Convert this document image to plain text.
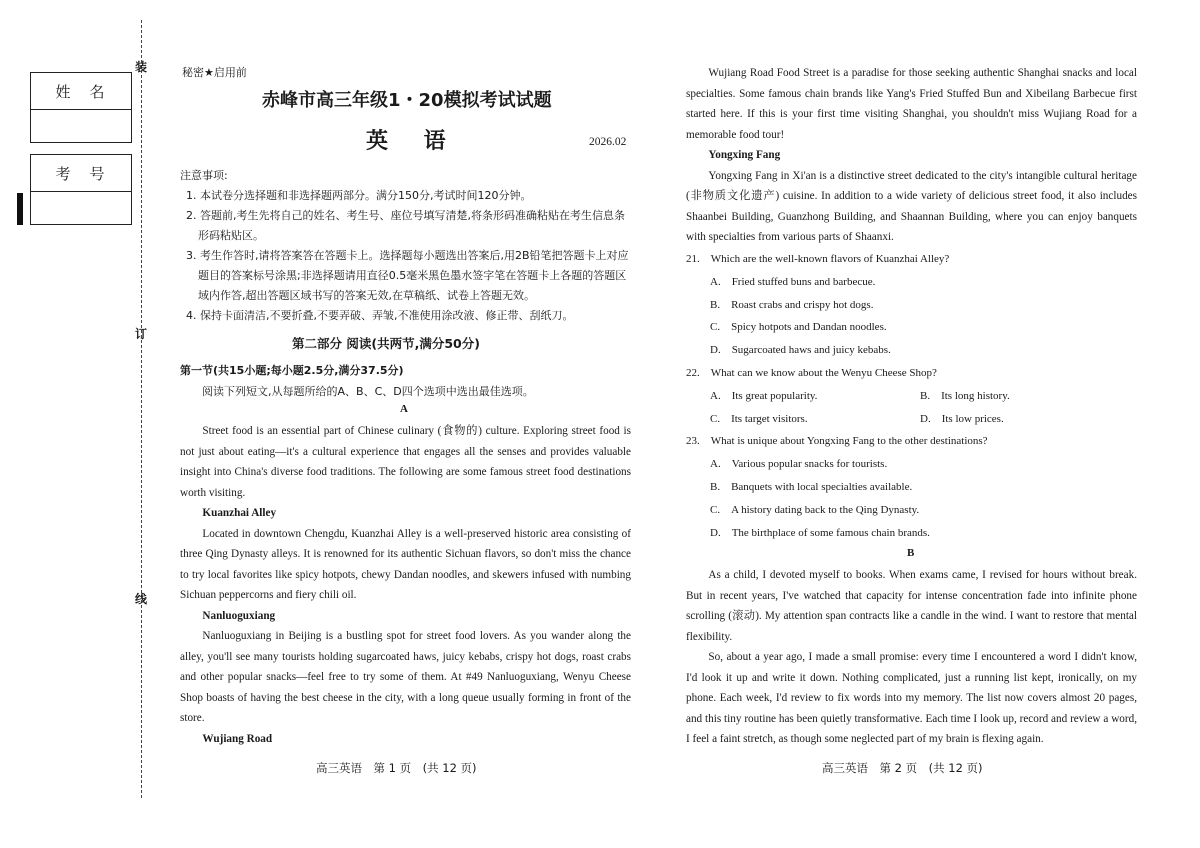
装
订
线
姓　名
考　号
秘密★启用前
赤峰市高三年级1・20模拟考试试题
英 语	2026.02
注意事项:
1. 本试卷分选择题和非选择题两部分。满分150分,考试时间120分钟。
2. 答题前,考生先将自己的姓名、考生号、座位号填写清楚,将条形码准确粘贴在考生信息条形码粘贴区。
3. 考生作答时,请将答案答在答题卡上。选择题每小题选出答案后,用2B铅笔把答题卡上对应题目的答案标号涂黑;非选择题请用直径0.5毫米黑色墨水签字笔在答题卡上各题的答题区域内作答,超出答题区域书写的答案无效,在草稿纸、试卷上答题无效。
4. 保持卡面清洁,不要折叠,不要弄破、弄皱,不准使用涂改液、修正带、刮纸刀。
第二部分 阅读(共两节,满分50分)
第一节(共15小题;每小题2.5分,满分37.5分)
阅读下列短文,从每题所给的A、B、C、D四个选项中选出最佳选项。
A

Street food is an essential part of Chinese culinary (食物的) culture. Exploring street food is not just about eating—it's a cultural experience that engages all the senses and provides valuable insight into China's diverse food traditions. The following are some famous street food destinations worth visiting.

Kuanzhai Alley

Located in downtown Chengdu, Kuanzhai Alley is a well-preserved historic area consisting of three Qing Dynasty alleys. It is renowned for its authentic Sichuan flavors, so don't miss the chance to try local favorites like spicy hotpots, chewy Dandan noodles, and skewers infused with numbing Sichuan peppercorns and fiery chili oil.

Nanluoguxiang

Nanluoguxiang in Beijing is a bustling spot for street food lovers. As you wander along the alley, you'll see many tourists holding sugarcoated haws, juicy kebabs, crispy hot dogs, roast crabs and other popular snacks—feel free to try some of them. At #49 Nanluoguxiang, Wenyu Cheese Shop boasts of having the best cheese in the city, with a long queue usually forming in front of the store.

Wujiang Road

高三英语　第 1 页　(共 12 页)

Wujiang Road Food Street is a paradise for those seeking authentic Shanghai snacks and local specialties. Some famous chain brands like Yang's Fried Stuffed Bun and Xibeilang Barbecue first started here. If this is your first time visiting Shanghai, you shouldn't miss Wujiang Road for a memorable food tour!

Yongxing Fang

Yongxing Fang in Xi'an is a distinctive street dedicated to the city's intangible cultural heritage (非物质文化遗产) cuisine. In addition to a wide variety of delicious street food, it also includes Shaanbei Building, Guanzhong Building, and Shaannan Building, where you can enjoy banquets with specialties from various parts of Shaanxi.

21.　Which are the well-known flavors of Kuanzhai Alley?

A.　Fried stuffed buns and barbecue.

B.　Roast crabs and crispy hot dogs.

C.　Spicy hotpots and Dandan noodles.

D.　Sugarcoated haws and juicy kebabs.

22.　What can we know about the Wenyu Cheese Shop?

A.　Its great popularity.	B.　Its long history.
C.　Its target visitors.	D.　Its low prices.

23.　What is unique about Yongxing Fang to the other destinations?

A.　Various popular snacks for tourists.

B.　Banquets with local specialties available.

C.　A history dating back to the Qing Dynasty.

D.　The birthplace of some famous chain brands.

B

As a child, I devoted myself to books. When exams came, I revised for hours without break. But in recent years, I've watched that capacity for intense concentration fade into infinite phone scrolling (滚动). My attention span contracts like a candle in the wind. I want to restore that mental flexibility.

So, about a year ago, I made a small promise: every time I encountered a word I didn't know, I'd look it up and write it down. Nothing complicated, just a running list kept, ironically, on my phone. Each week, I'd review to fix words into my memory. The list now covers almost 20 pages, and this tiny routine has been quietly transformative. Each time I look up, record and review a word, I feel a faint stretch, as though some neglected part of my brain is flexing again.

高三英语　第 2 页　(共 12 页)
